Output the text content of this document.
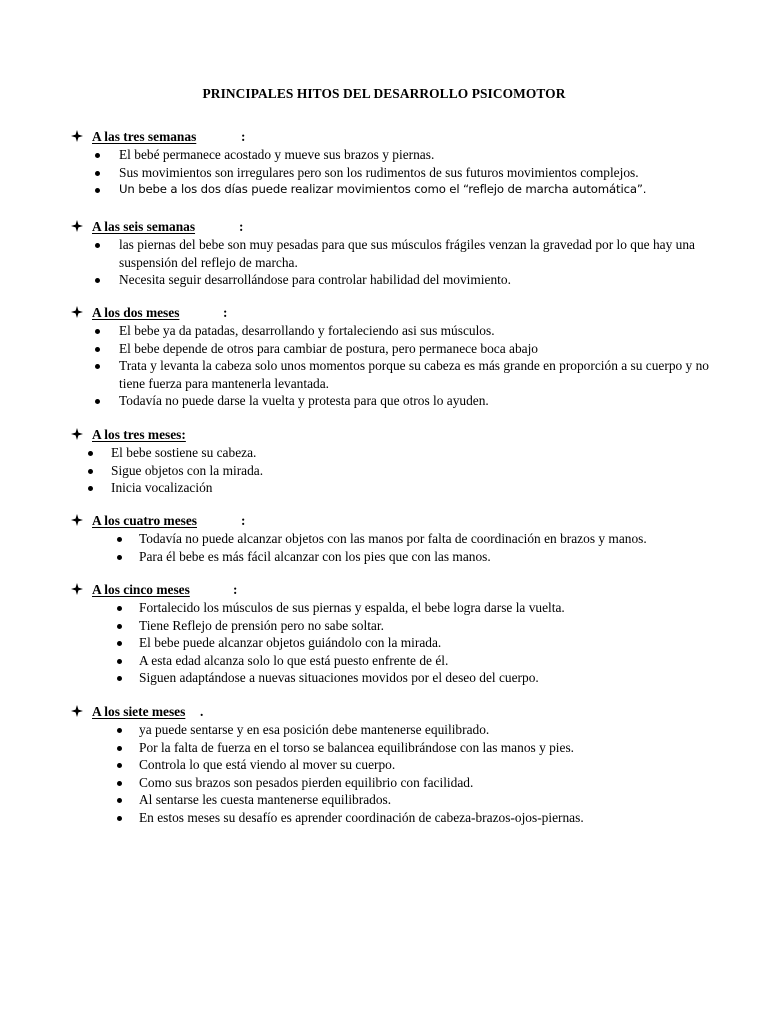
PRINCIPALES HITOS DEL DESARROLLO PSICOMOTOR
A las tres semanas	:
El bebé permanece acostado y mueve sus brazos y piernas.
Sus movimientos son irregulares pero son los rudimentos de sus futuros movimientos complejos.
Un bebe a los dos días puede realizar movimientos como el “reflejo de marcha automática”.
A las seis semanas	:
las piernas del bebe son muy pesadas para que sus músculos frágiles venzan la gravedad por lo que hay una suspensión del reflejo de marcha.
Necesita seguir desarrollándose para controlar habilidad del movimiento.
A los dos meses	:
El bebe ya da patadas, desarrollando y fortaleciendo asi sus músculos.
El bebe depende de otros para cambiar de postura, pero permanece boca abajo
Trata y levanta la cabeza solo unos momentos porque su cabeza es más grande en proporción a su cuerpo y no tiene fuerza para mantenerla levantada.
Todavía no puede darse la vuelta y protesta para que otros lo ayuden.
A los tres meses:
El bebe sostiene su cabeza.
Sigue objetos con la mirada.
Inicia vocalización
A los cuatro meses	:
Todavía no puede alcanzar objetos con las manos por falta de coordinación en brazos y manos.
Para él bebe es más fácil alcanzar con los pies que con las manos.
A los cinco meses	:
Fortalecido los músculos de sus piernas y espalda, el bebe logra darse la vuelta.
Tiene Reflejo de prensión pero no sabe soltar.
El bebe puede alcanzar objetos guiándolo con la mirada.
A esta edad alcanza solo lo que está puesto enfrente de él.
Siguen adaptándose a nuevas situaciones movidos por el deseo del cuerpo.
A los siete meses .
ya puede sentarse y en esa posición debe mantenerse equilibrado.
Por la falta de fuerza en el torso se balancea equilibrándose con las manos y pies.
Controla lo que está viendo al mover su cuerpo.
Como sus brazos son pesados pierden equilibrio con facilidad.
Al sentarse les cuesta mantenerse equilibrados.
En estos meses su desafío es aprender coordinación de cabeza-brazos-ojos-piernas.
